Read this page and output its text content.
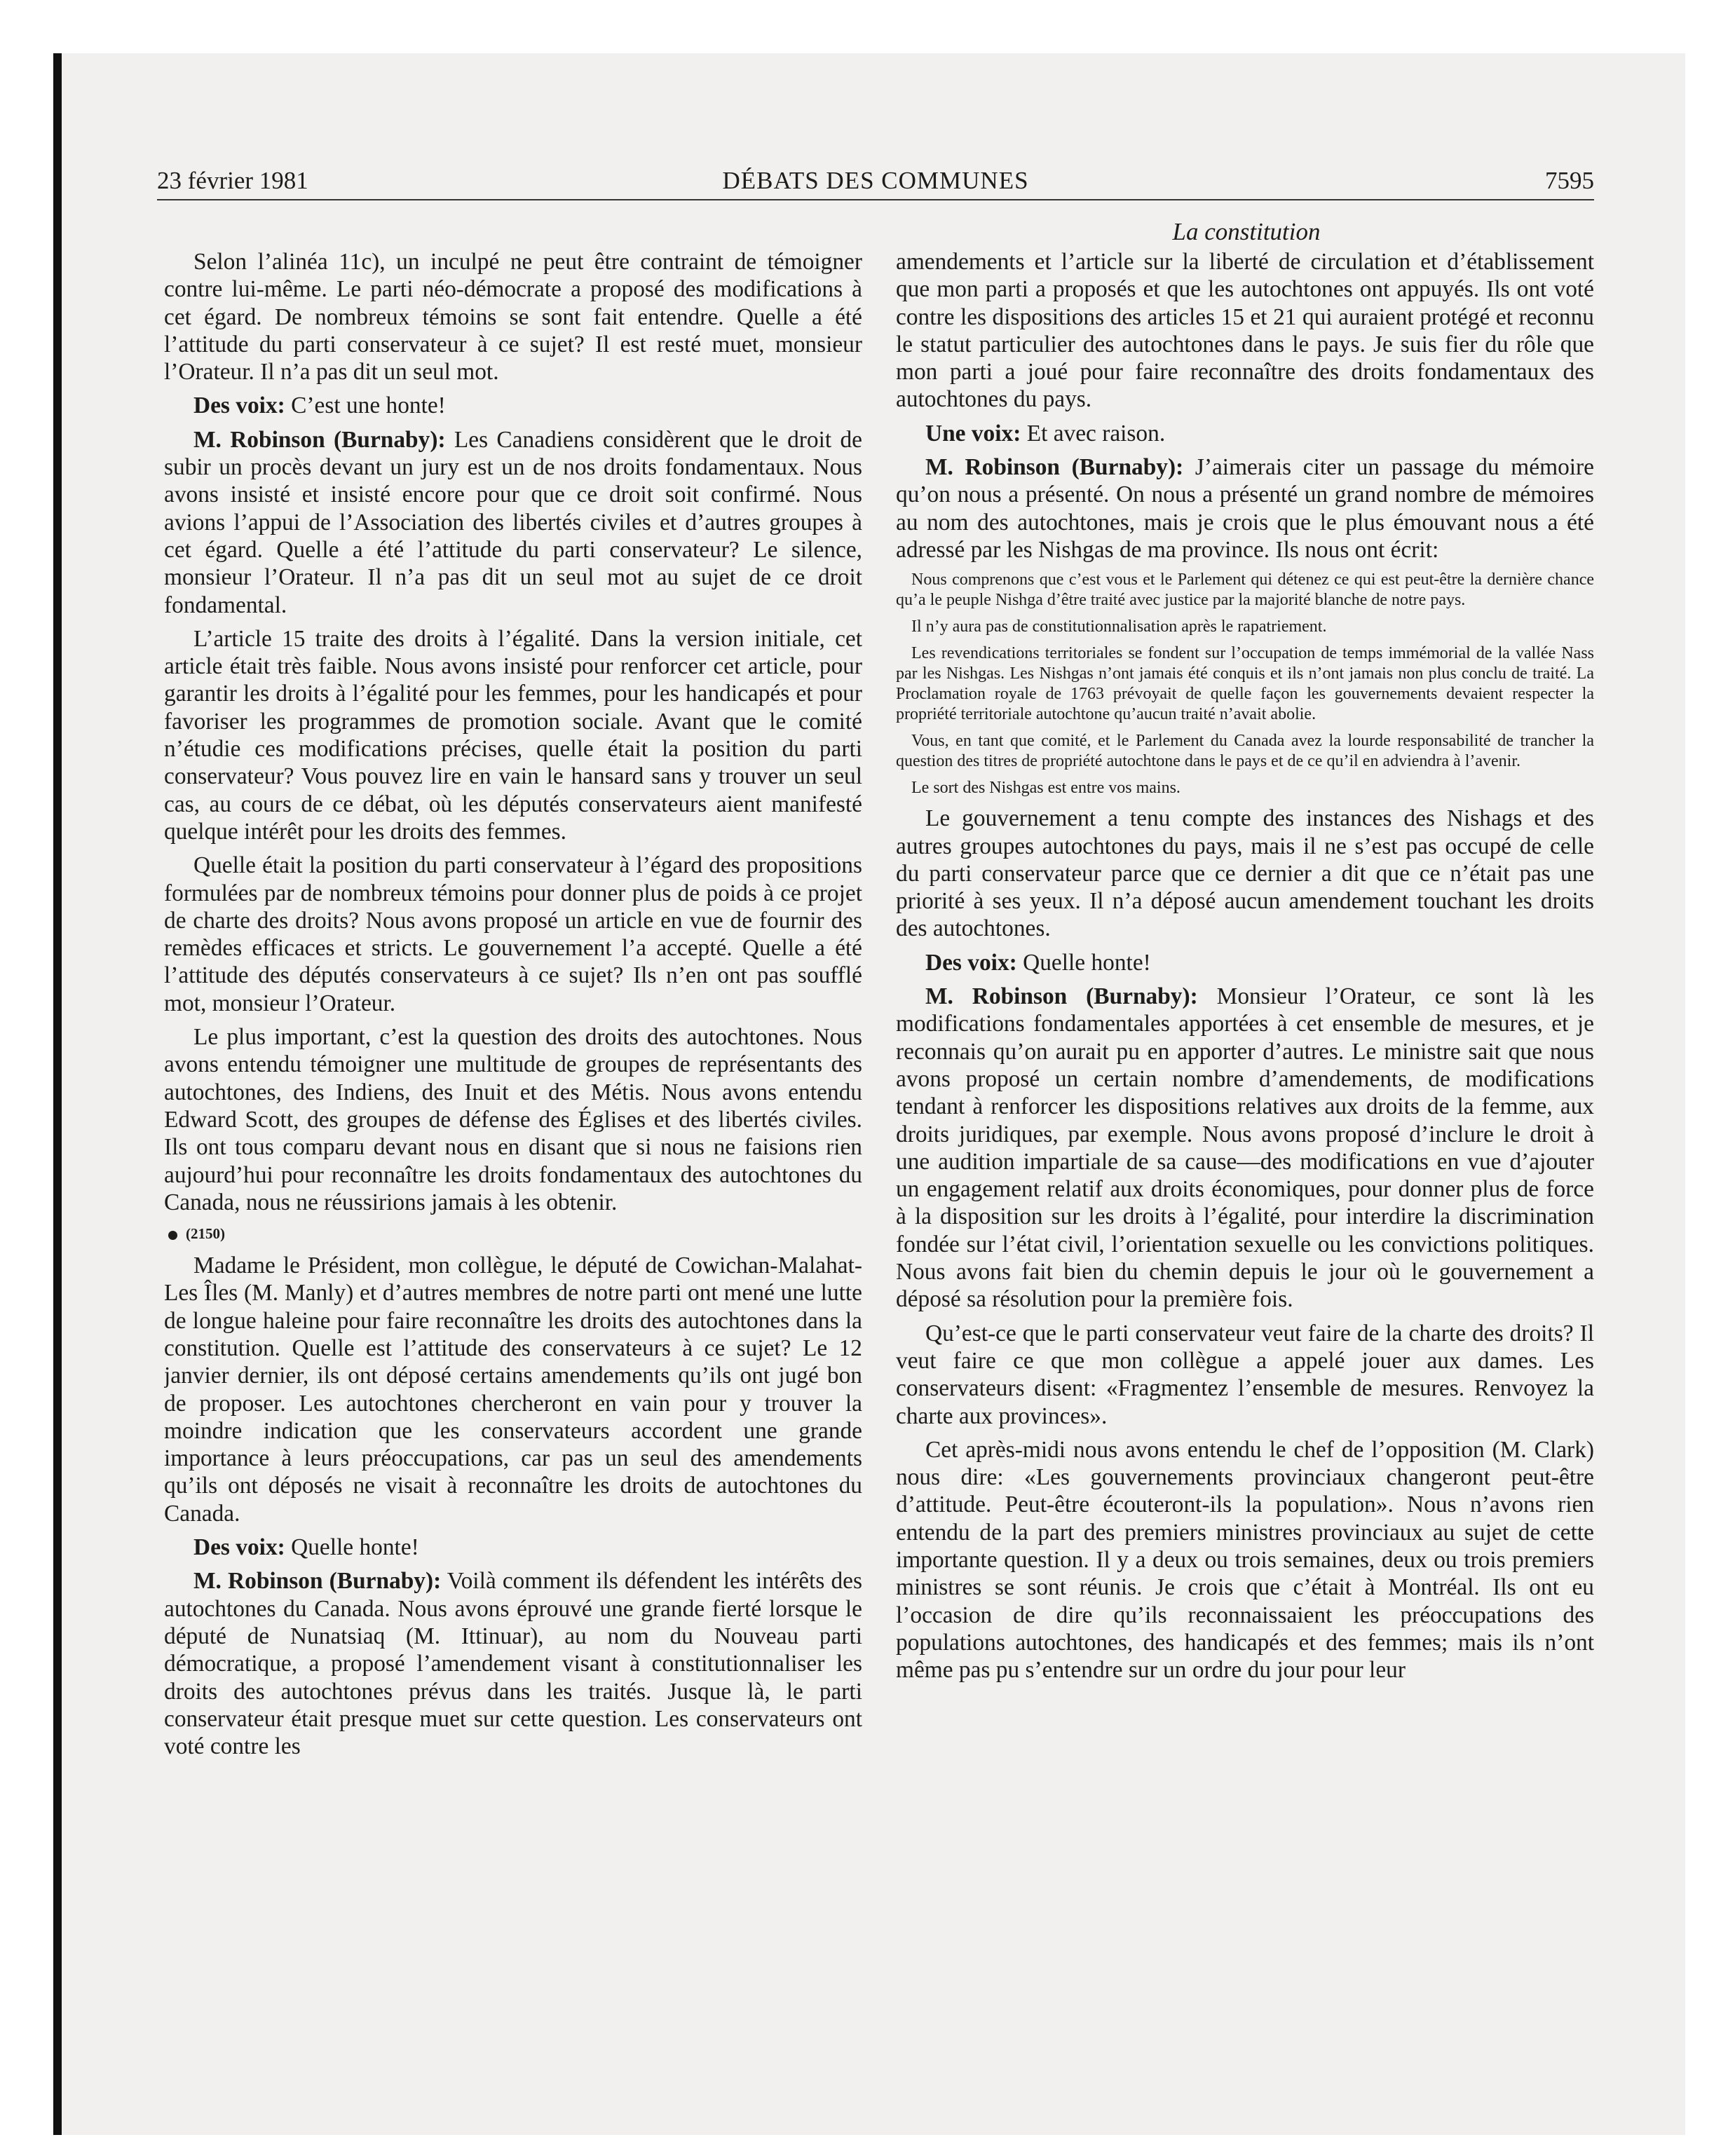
23 février 1981	DÉBATS DES COMMUNES	7595
La constitution

Selon l’alinéa 11c), un inculpé ne peut être contraint de témoigner contre lui-même. Le parti néo-démocrate a proposé des modifications à cet égard. De nombreux témoins se sont fait entendre. Quelle a été l’attitude du parti conservateur à ce sujet? Il est resté muet, monsieur l’Orateur. Il n’a pas dit un seul mot.

Des voix: C’est une honte!

M. Robinson (Burnaby): Les Canadiens considèrent que le droit de subir un procès devant un jury est un de nos droits fondamentaux. Nous avons insisté et insisté encore pour que ce droit soit confirmé. Nous avions l’appui de l’Association des libertés civiles et d’autres groupes à cet égard. Quelle a été l’attitude du parti conservateur? Le silence, monsieur l’Orateur. Il n’a pas dit un seul mot au sujet de ce droit fondamental.

L’article 15 traite des droits à l’égalité. Dans la version initiale, cet article était très faible. Nous avons insisté pour renforcer cet article, pour garantir les droits à l’égalité pour les femmes, pour les handicapés et pour favoriser les programmes de promotion sociale. Avant que le comité n’étudie ces modifications précises, quelle était la position du parti conservateur? Vous pouvez lire en vain le hansard sans y trouver un seul cas, au cours de ce débat, où les députés conservateurs aient manifesté quelque intérêt pour les droits des femmes.

Quelle était la position du parti conservateur à l’égard des propositions formulées par de nombreux témoins pour donner plus de poids à ce projet de charte des droits? Nous avons proposé un article en vue de fournir des remèdes efficaces et stricts. Le gouvernement l’a accepté. Quelle a été l’attitude des députés conservateurs à ce sujet? Ils n’en ont pas soufflé mot, monsieur l’Orateur.

Le plus important, c’est la question des droits des autochtones. Nous avons entendu témoigner une multitude de groupes de représentants des autochtones, des Indiens, des Inuit et des Métis. Nous avons entendu Edward Scott, des groupes de défense des Églises et des libertés civiles. Ils ont tous comparu devant nous en disant que si nous ne faisions rien aujourd’hui pour reconnaître les droits fondamentaux des autochtones du Canada, nous ne réussirions jamais à les obtenir.

(2150)

Madame le Président, mon collègue, le député de Cowichan-Malahat-Les Îles (M. Manly) et d’autres membres de notre parti ont mené une lutte de longue haleine pour faire reconnaître les droits des autochtones dans la constitution. Quelle est l’attitude des conservateurs à ce sujet? Le 12 janvier dernier, ils ont déposé certains amendements qu’ils ont jugé bon de proposer. Les autochtones chercheront en vain pour y trouver la moindre indication que les conservateurs accordent une grande importance à leurs préoccupations, car pas un seul des amendements qu’ils ont déposés ne visait à reconnaître les droits de autochtones du Canada.

Des voix: Quelle honte!

M. Robinson (Burnaby): Voilà comment ils défendent les intérêts des autochtones du Canada. Nous avons éprouvé une grande fierté lorsque le député de Nunatsiaq (M. Ittinuar), au nom du Nouveau parti démocratique, a proposé l’amendement visant à constitutionnaliser les droits des autochtones prévus dans les traités. Jusque là, le parti conservateur était presque muet sur cette question. Les conservateurs ont voté contre les

amendements et l’article sur la liberté de circulation et d’établissement que mon parti a proposés et que les autochtones ont appuyés. Ils ont voté contre les dispositions des articles 15 et 21 qui auraient protégé et reconnu le statut particulier des autochtones dans le pays. Je suis fier du rôle que mon parti a joué pour faire reconnaître des droits fondamentaux des autochtones du pays.

Une voix: Et avec raison.

M. Robinson (Burnaby): J’aimerais citer un passage du mémoire qu’on nous a présenté. On nous a présenté un grand nombre de mémoires au nom des autochtones, mais je crois que le plus émouvant nous a été adressé par les Nishgas de ma province. Ils nous ont écrit:

Nous comprenons que c’est vous et le Parlement qui détenez ce qui est peut-être la dernière chance qu’a le peuple Nishga d’être traité avec justice par la majorité blanche de notre pays.
Il n’y aura pas de constitutionnalisation après le rapatriement.
Les revendications territoriales se fondent sur l’occupation de temps immémorial de la vallée Nass par les Nishgas. Les Nishgas n’ont jamais été conquis et ils n’ont jamais non plus conclu de traité. La Proclamation royale de 1763 prévoyait de quelle façon les gouvernements devaient respecter la propriété territoriale autochtone qu’aucun traité n’avait abolie.
Vous, en tant que comité, et le Parlement du Canada avez la lourde responsabilité de trancher la question des titres de propriété autochtone dans le pays et de ce qu’il en adviendra à l’avenir.
Le sort des Nishgas est entre vos mains.

Le gouvernement a tenu compte des instances des Nishags et des autres groupes autochtones du pays, mais il ne s’est pas occupé de celle du parti conservateur parce que ce dernier a dit que ce n’était pas une priorité à ses yeux. Il n’a déposé aucun amendement touchant les droits des autochtones.

Des voix: Quelle honte!

M. Robinson (Burnaby): Monsieur l’Orateur, ce sont là les modifications fondamentales apportées à cet ensemble de mesures, et je reconnais qu’on aurait pu en apporter d’autres. Le ministre sait que nous avons proposé un certain nombre d’amendements, de modifications tendant à renforcer les dispositions relatives aux droits de la femme, aux droits juridiques, par exemple. Nous avons proposé d’inclure le droit à une audition impartiale de sa cause—des modifications en vue d’ajouter un engagement relatif aux droits économiques, pour donner plus de force à la disposition sur les droits à l’égalité, pour interdire la discrimination fondée sur l’état civil, l’orientation sexuelle ou les convictions politiques. Nous avons fait bien du chemin depuis le jour où le gouvernement a déposé sa résolution pour la première fois.

Qu’est-ce que le parti conservateur veut faire de la charte des droits? Il veut faire ce que mon collègue a appelé jouer aux dames. Les conservateurs disent: «Fragmentez l’ensemble de mesures. Renvoyez la charte aux provinces».

Cet après-midi nous avons entendu le chef de l’opposition (M. Clark) nous dire: «Les gouvernements provinciaux changeront peut-être d’attitude. Peut-être écouteront-ils la population». Nous n’avons rien entendu de la part des premiers ministres provinciaux au sujet de cette importante question. Il y a deux ou trois semaines, deux ou trois premiers ministres se sont réunis. Je crois que c’était à Montréal. Ils ont eu l’occasion de dire qu’ils reconnaissaient les préoccupations des populations autochtones, des handicapés et des femmes; mais ils n’ont même pas pu s’entendre sur un ordre du jour pour leur
